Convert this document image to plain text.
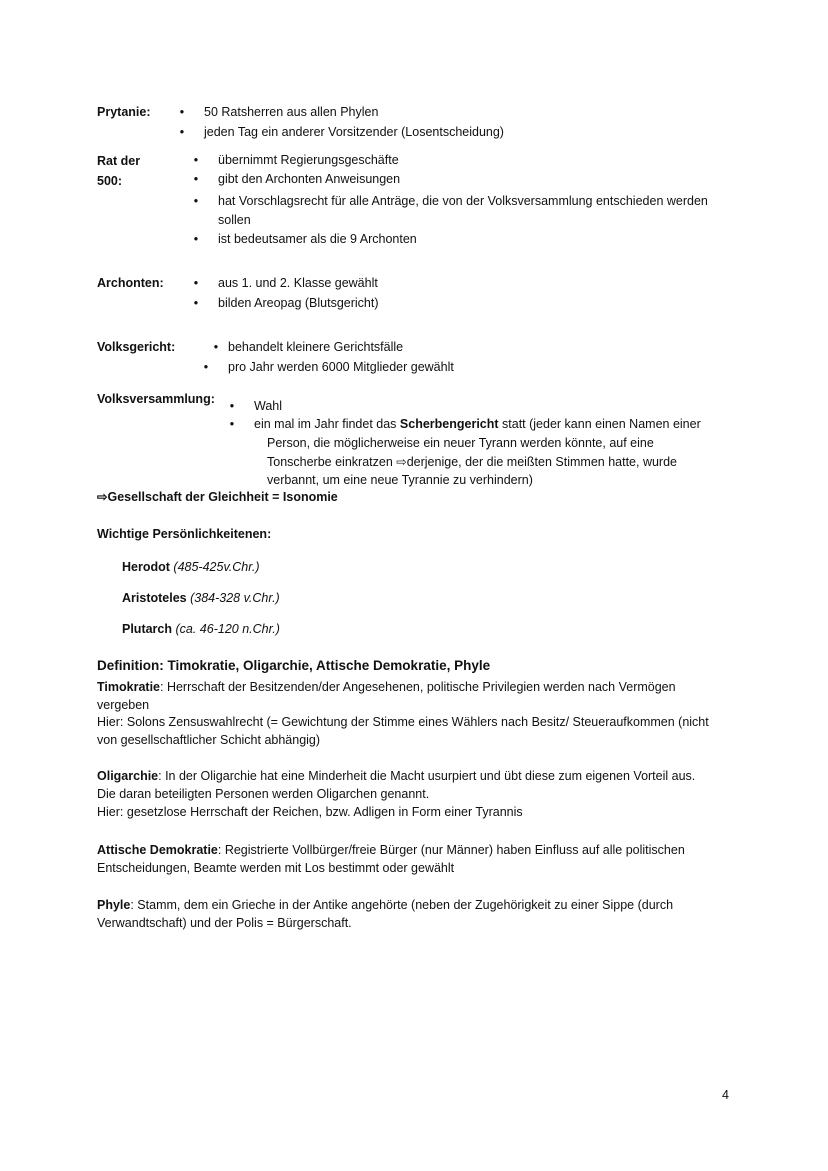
Prytanie: • 50 Ratsherren aus allen Phylen
• jeden Tag ein anderer Vorsitzender (Losentscheidung)
Rat der
500:
• übernimmt Regierungsgeschäfte
• gibt den Archonten Anweisungen
• hat Vorschlagsrecht für alle Anträge, die von der Volksversammlung entschieden werden
sollen
• ist bedeutsamer als die 9 Archonten
Archonten: • aus 1. und 2. Klasse gewählt
• bilden Areopag (Blutsgericht)
Volksgericht:	• behandelt kleinere Gerichtsfälle
• pro Jahr werden 6000 Mitglieder gewählt
Volksversammlung: • Wahl
• ein mal im Jahr findet das Scherbengericht statt (jeder kann einen Namen einer
Person, die möglicherweise ein neuer Tyrann werden könnte, auf eine
Tonscherbe einkratzen ⇨derjenige, der die meißten Stimmen hatte, wurde
verbannt, um eine neue Tyrannie zu verhindern)
⇨Gesellschaft der Gleichheit = Isonomie
Wichtige Persönlichkeitenen:
Herodot (485-425v.Chr.)
Aristoteles (384-328 v.Chr.)
Plutarch (ca. 46-120 n.Chr.)
Definition: Timokratie, Oligarchie, Attische Demokratie, Phyle
Timokratie: Herrschaft der Besitzenden/der Angesehenen, politische Privilegien werden nach Vermögen
vergeben
Hier: Solons Zensuswahlrecht (= Gewichtung der Stimme eines Wählers nach Besitz/ Steueraufkommen (nicht
von gesellschaftlicher Schicht abhängig)
Oligarchie: In der Oligarchie hat eine Minderheit die Macht usurpiert und übt diese zum eigenen Vorteil aus.
Die daran beteiligten Personen werden Oligarchen genannt.
Hier: gesetzlose Herrschaft der Reichen, bzw. Adligen in Form einer Tyrannis
Attische Demokratie: Registrierte Vollbürger/freie Bürger (nur Männer) haben Einfluss auf alle politischen
Entscheidungen, Beamte werden mit Los bestimmt oder gewählt
Phyle: Stamm, dem ein Grieche in der Antike angehörte (neben der Zugehörigkeit zu einer Sippe (durch
Verwandtschaft) und der Polis = Bürgerschaft.
4
